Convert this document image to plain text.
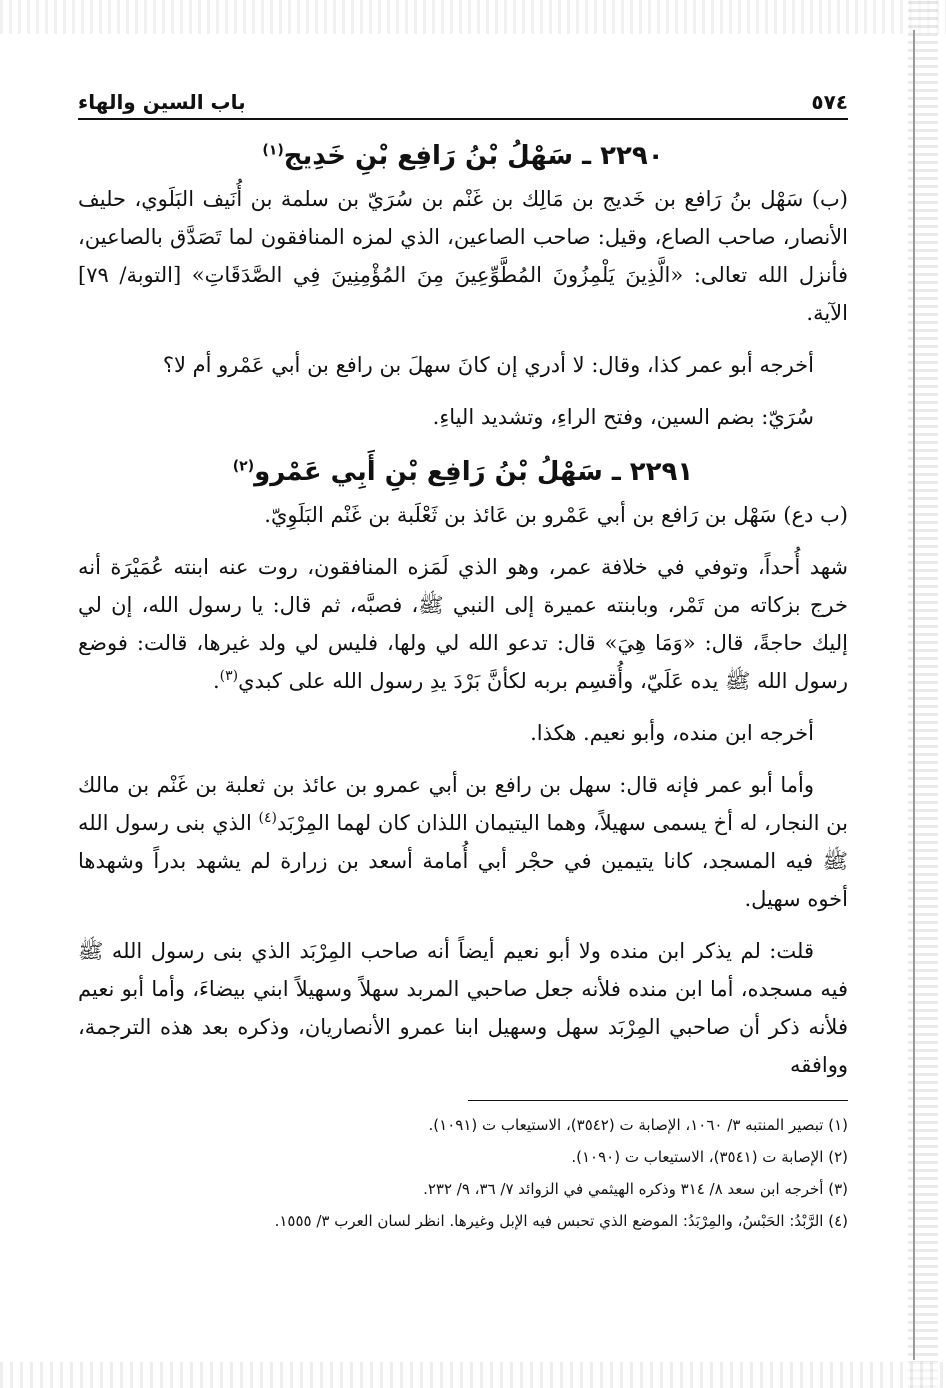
٥٧٤
باب السين والهاء
٢٢٩٠ ـ سَهْلُ بْنُ رَافِع بْنِ خَدِيج$^{(١)}$

(ب) سَهْل بنُ رَافع بن خَديج بن مَالِك بن غَنْم بن سُرَيّ بن سلمة بن أُنَيف البَلَوي، حليف الأنصار، صاحب الصاع، وقيل: صاحب الصاعين، الذي لمزه المنافقون لما تَصَدَّق بالصاعين، فأنزل الله تعالى: «الَّذِينَ يَلْمِزُونَ المُطَّوِّعِينَ مِنَ المُؤْمِنِينَ فِي الصَّدَقَاتِ» [التوبة/ ٧٩] الآية.

أخرجه أبو عمر كذا، وقال: لا أدري إن كانَ سهلَ بن رافع بن أبي عَمْرو أم لا؟

سُرَيّ: بضم السين، وفتح الراءِ، وتشديد الياءِ.

٢٢٩١ ـ سَهْلُ بْنُ رَافِع بْنِ أَبِي عَمْرو$^{(٢)}$

(ب دع) سَهْل بن رَافع بن أبي عَمْرو بن عَائذ بن ثَعْلَبة بن غَنْم البَلَوِيّ.

شهد أُحداً، وتوفي في خلافة عمر، وهو الذي لَمَزه المنافقون، روت عنه ابنته عُمَيْرَة أنه خرج بزكاته من تَمْر، وبابنته عميرة إلى النبي ﷺ، فصبَّه، ثم قال: يا رسول الله، إن لي إليك حاجةً، قال: «وَمَا هِيَ» قال: تدعو الله لي ولها، فليس لي ولد غيرها، قالت: فوضع رسول الله ﷺ يده عَلَيّ، وأُقسِم بربه لكأنَّ بَرْدَ يدِ رسول الله على كبدي$^{(٣)}$.

أخرجه ابن منده، وأبو نعيم. هكذا.

وأما أبو عمر فإنه قال: سهل بن رافع بن أبي عمرو بن عائذ بن ثعلبة بن غَنْم بن مالك بن النجار، له أخ يسمى سهيلاً، وهما اليتيمان اللذان كان لهما المِرْبَد$^{(٤)}$ الذي بنى رسول الله ﷺ فيه المسجد، كانا يتيمين في حجْر أبي أُمامة أسعد بن زرارة لم يشهد بدراً وشهدها أخوه سهيل.

قلت: لم يذكر ابن منده ولا أبو نعيم أيضاً أنه صاحب المِرْبَد الذي بنى رسول الله ﷺ فيه مسجده، أما ابن منده فلأنه جعل صاحبي المربد سهلاً وسهيلاً ابني بيضاءَ، وأما أبو نعيم فلأنه ذكر أن صاحبي المِرْبَد سهل وسهيل ابنا عمرو الأنصاريان، وذكره بعد هذه الترجمة، ووافقه

(١) تبصير المنتبه ٣/ ١٠٦٠، الإصابة ت (٣٥٤٢)، الاستيعاب ت (١٠٩١).
(٢) الإصابة ت (٣٥٤١)، الاستيعاب ت (١٠٩٠).
(٣) أخرجه ابن سعد ٨/ ٣١٤ وذكره الهيثمي في الزوائد ٧/ ٣٦، ٩/ ٢٣٢.
(٤) الرَّبْدُ: الحَبْسُ، والمِرْبَدُ: الموضع الذي تحبس فيه الإبل وغيرها. انظر لسان العرب ٣/ ١٥٥٥.
